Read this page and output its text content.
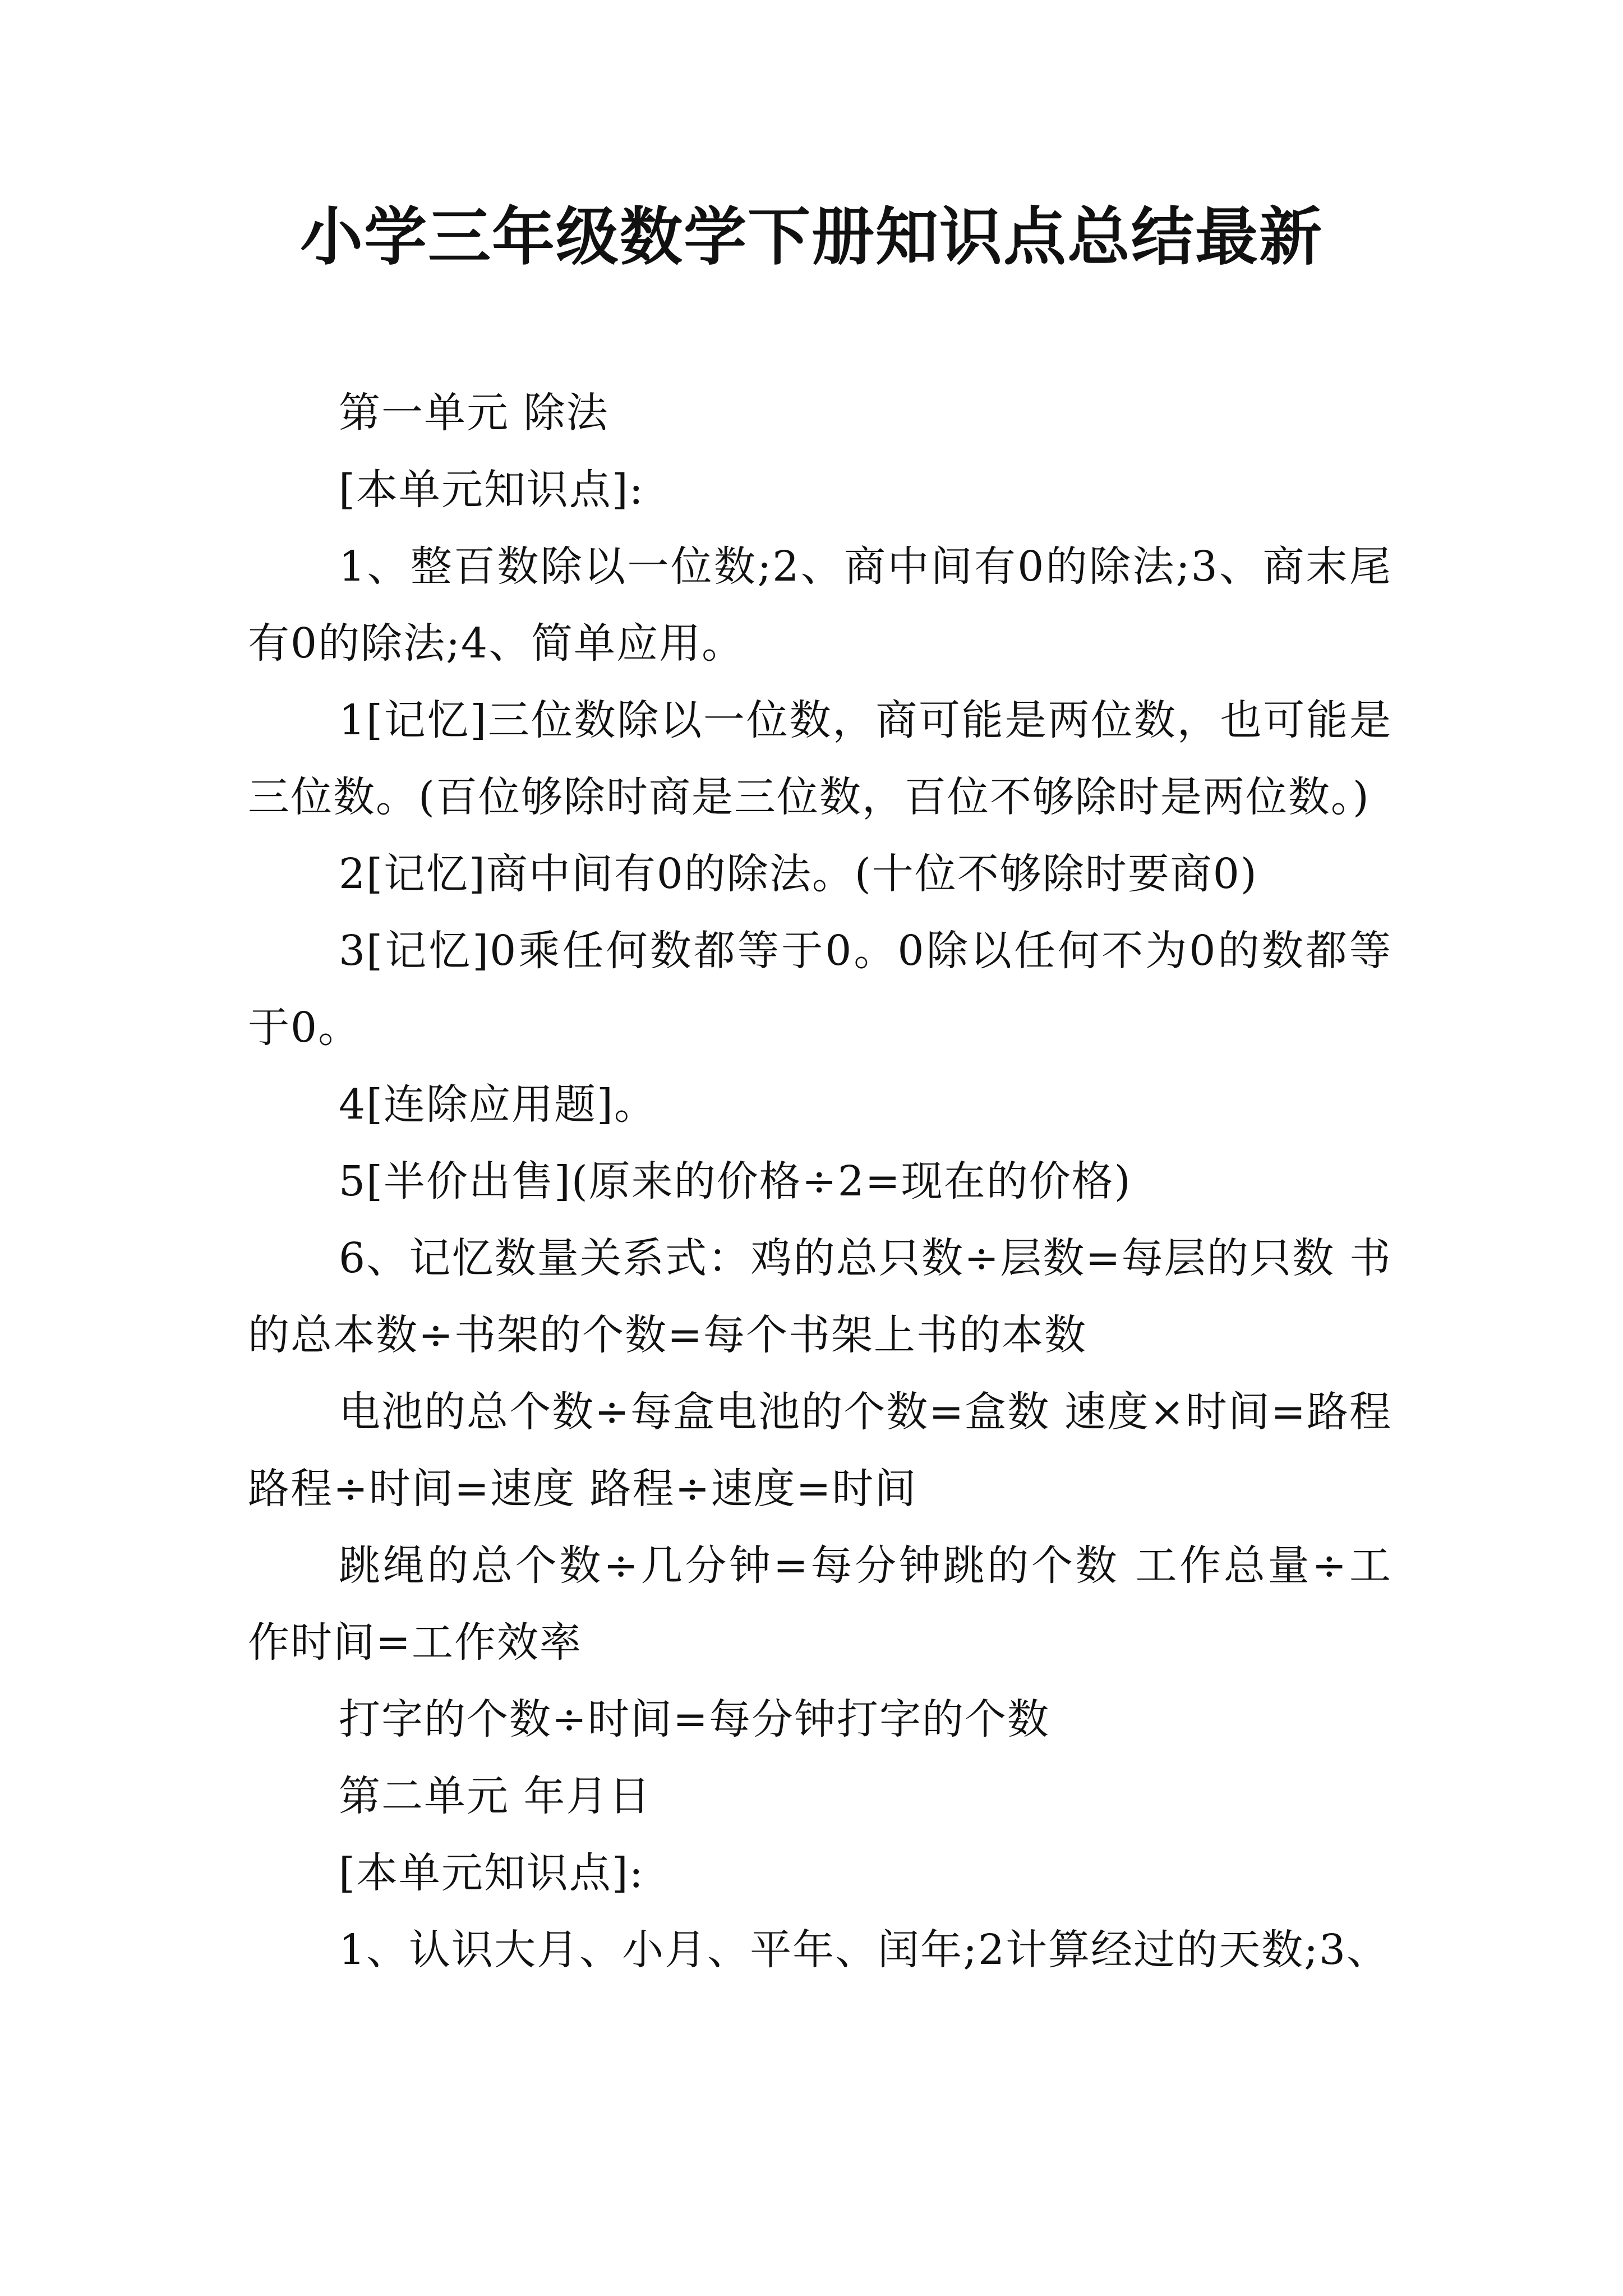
小学三年级数学下册知识点总结最新

第一单元 除法

[本单元知识点]:

1、整百数除以一位数;2、商中间有0的除法;3、商末尾有0的除法;4、简单应用。

1[记忆]三位数除以一位数，商可能是两位数，也可能是三位数。(百位够除时商是三位数，百位不够除时是两位数。)

2[记忆]商中间有0的除法。(十位不够除时要商0)

3[记忆]0乘任何数都等于0。0除以任何不为0的数都等于0。

4[连除应用题]。

5[半价出售](原来的价格÷2=现在的价格)

6、记忆数量关系式：鸡的总只数÷层数=每层的只数 书的总本数÷书架的个数=每个书架上书的本数

电池的总个数÷每盒电池的个数=盒数 速度×时间=路程 路程÷时间=速度 路程÷速度=时间

跳绳的总个数÷几分钟=每分钟跳的个数 工作总量÷工作时间=工作效率

打字的个数÷时间=每分钟打字的个数

第二单元 年月日

[本单元知识点]:

1、认识大月、小月、平年、闰年;2计算经过的天数;3、
